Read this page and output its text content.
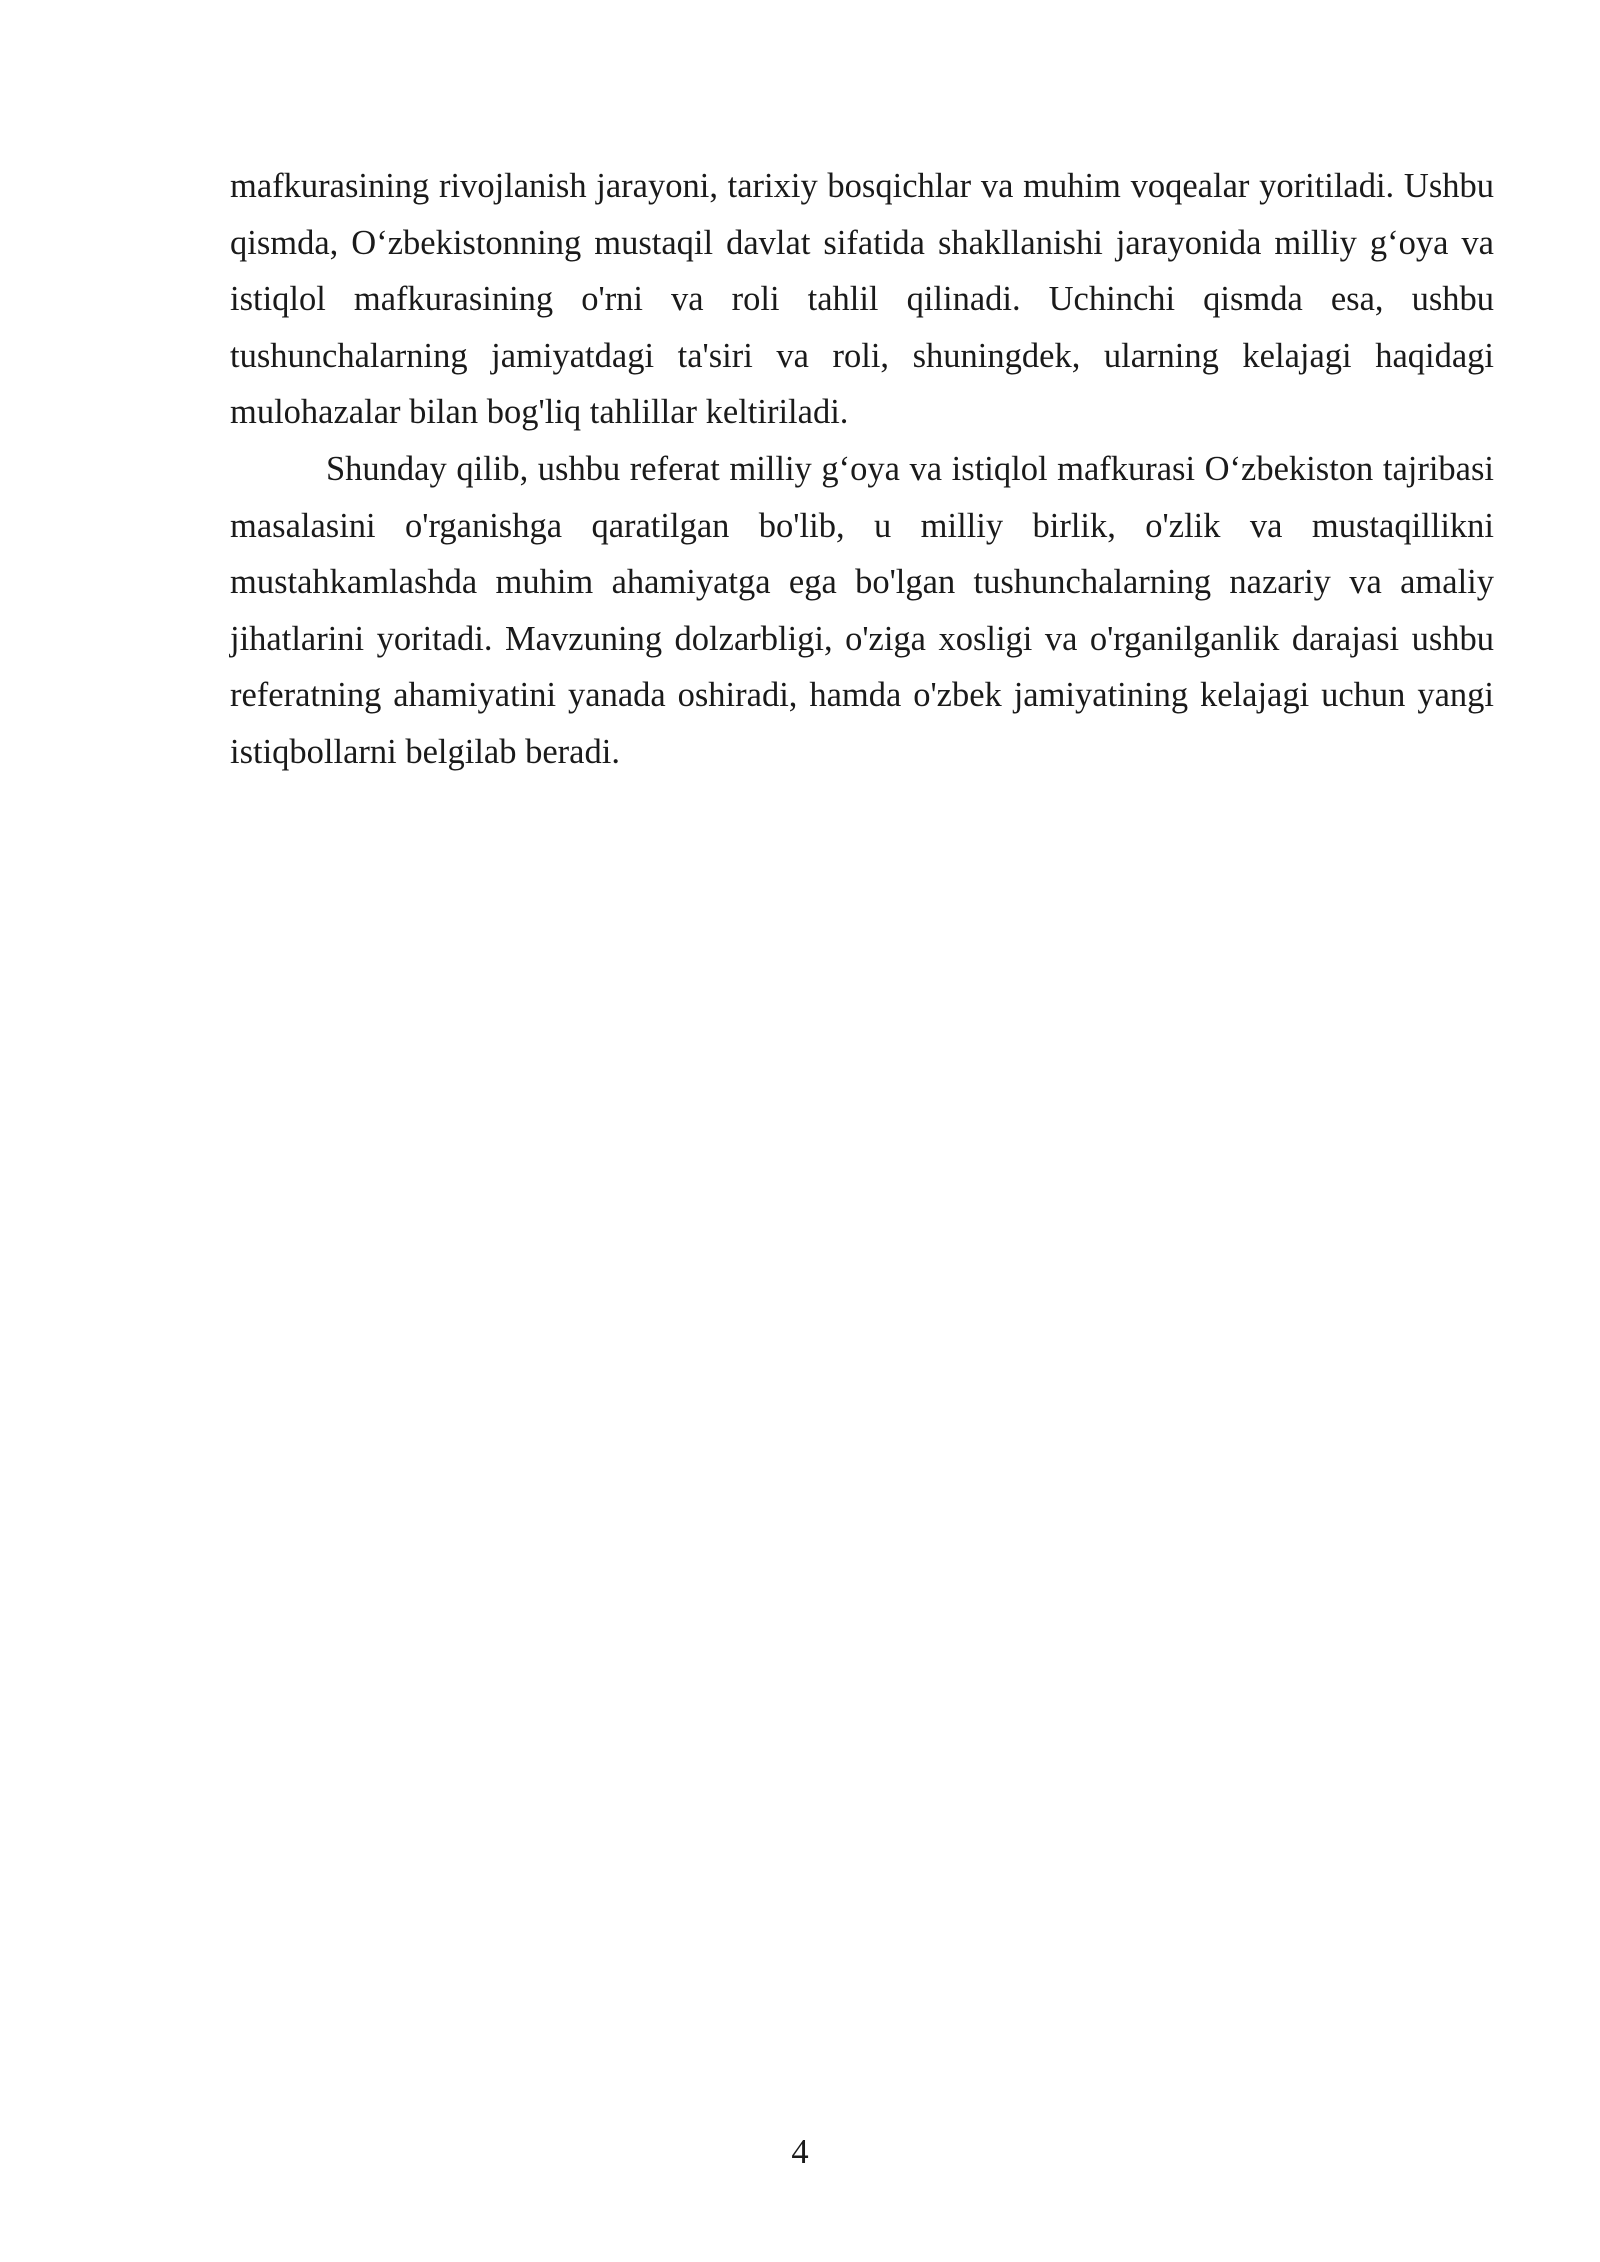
mafkurasining rivojlanish jarayoni, tarixiy bosqichlar va muhim voqealar yoritiladi. Ushbu qismda, O‘zbekistonning mustaqil davlat sifatida shakllanishi jarayonida milliy g‘oya va istiqlol mafkurasining o'rni va roli tahlil qilinadi. Uchinchi qismda esa, ushbu tushunchalarning jamiyatdagi ta'siri va roli, shuningdek, ularning kelajagi haqidagi mulohazalar bilan bog'liq tahlillar keltiriladi.

Shunday qilib, ushbu referat milliy g‘oya va istiqlol mafkurasi O‘zbekiston tajribasi masalasini o'rganishga qaratilgan bo'lib, u milliy birlik, o'zlik va mustaqillikni mustahkamlashda muhim ahamiyatga ega bo'lgan tushunchalarning nazariy va amaliy jihatlarini yoritadi. Mavzuning dolzarbligi, o'ziga xosligi va o'rganilganlik darajasi ushbu referatning ahamiyatini yanada oshiradi, hamda o'zbek jamiyatining kelajagi uchun yangi istiqbollarni belgilab beradi.

4
